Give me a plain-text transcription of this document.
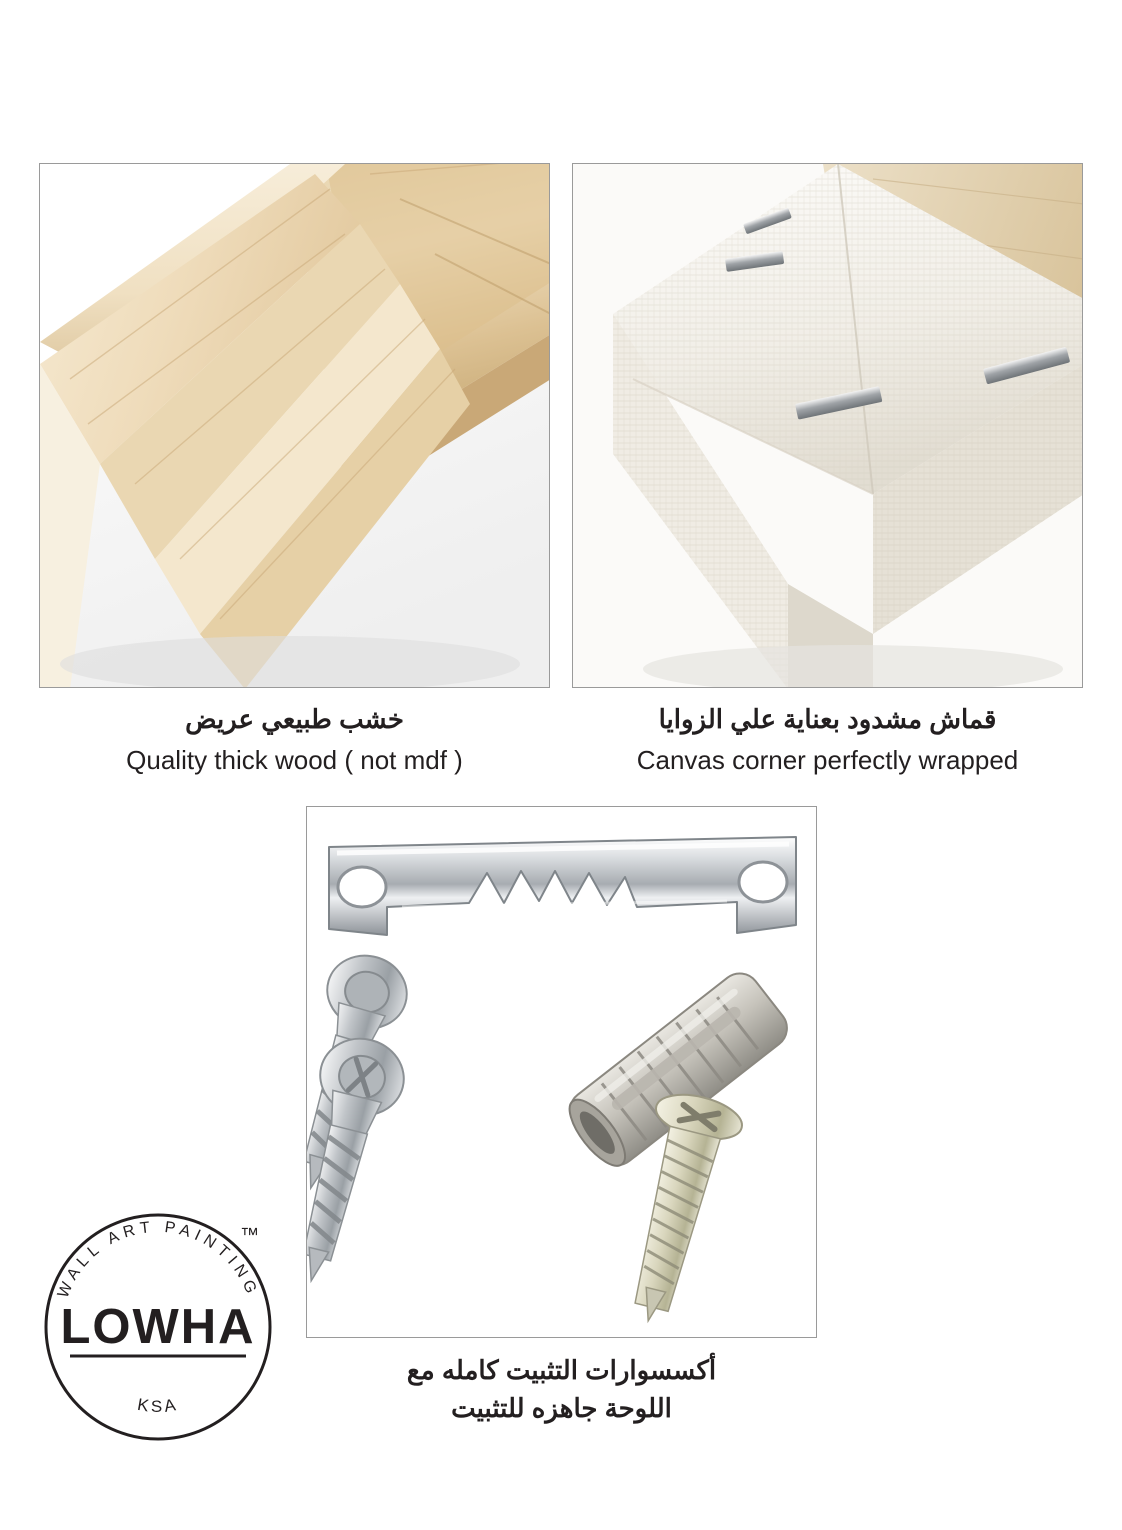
خشب طبيعي عريض
Quality thick wood ( not mdf )
قماش مشدود بعناية علي الزوايا
Canvas corner perfectly wrapped
أكسسوارات التثبيت كامله مع
اللوحة جاهزه للتثبيت
WALL ART PAINTING
KSA
LOWHA
™
